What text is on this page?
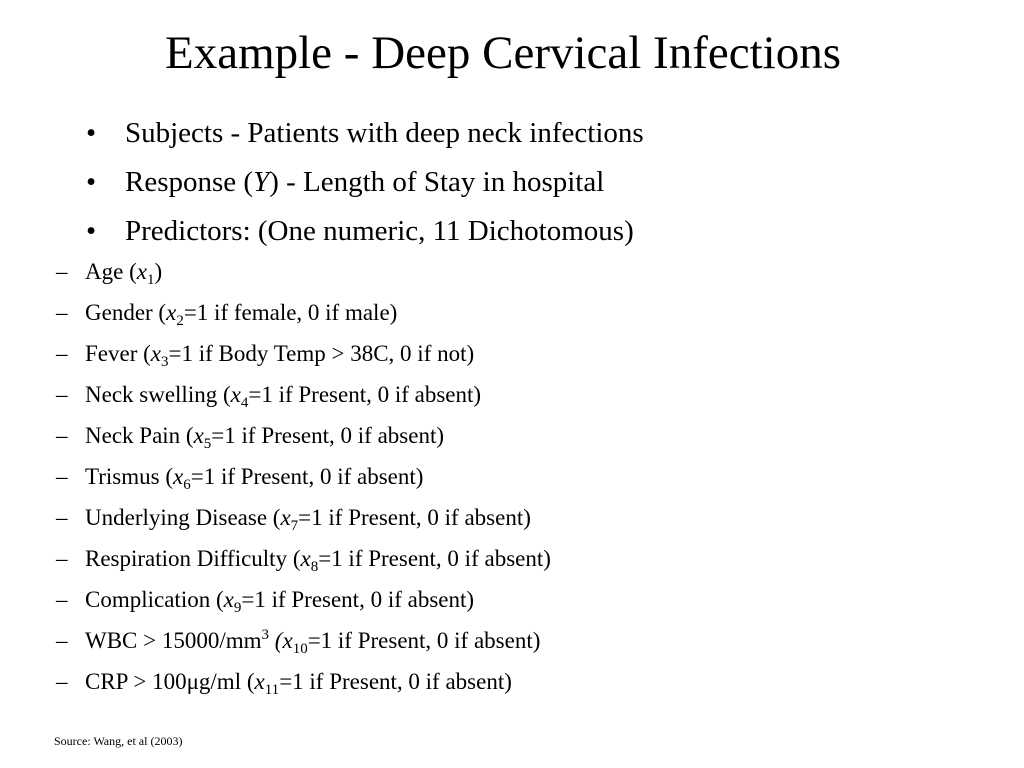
Example - Deep Cervical Infections
• Subjects - Patients with deep neck infections
• Response (Y) - Length of Stay in hospital
• Predictors: (One numeric, 11 Dichotomous)
– Age $(x_1)$
– Gender ($x_2=1$ if female, 0 if male)
– Fever ($x_3=1$ if Body Temp > 38C, 0 if not)
– Neck swelling ($x_4=1$ if Present, 0 if absent)
– Neck Pain ($x_5=1$ if Present, 0 if absent)
– Trismus ($x_6=1$ if Present, 0 if absent)
– Underlying Disease ($x_7=1$ if Present, 0 if absent)
– Respiration Difficulty ($x_8=1$ if Present, 0 if absent)
– Complication ($x_9=1$ if Present, 0 if absent)
– WBC > $15000/mm^3$ ($x_{10}=1$ if Present, 0 if absent)
– CRP > 100μg/ml ($x_{11}=1$ if Present, 0 if absent)
Source: Wang, et al (2003)
